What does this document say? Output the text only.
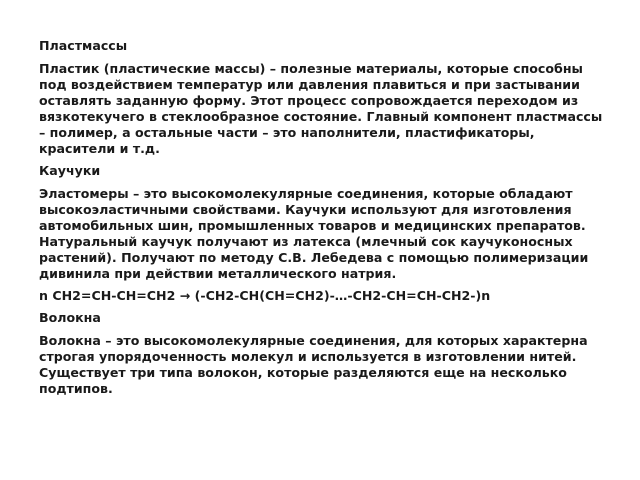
Пластмассы

Пластик (пластические массы) – полезные материалы, которые способны под воздействием температур или давления плавиться и при застывании оставлять заданную форму. Этот процесс сопровождается переходом из вязкотекучего в стеклообразное состояние. Главный компонент пластмассы – полимер, а остальные части – это наполнители, пластификаторы, красители и т.д.

Каучуки

Эластомеры – это высокомолекулярные соединения, которые обладают высокоэластичными свойствами. Каучуки используют для изготовления автомобильных шин, промышленных товаров и медицинских препаратов. Натуральный каучук получают из латекса (млечный сок каучуконосных растений). Получают по методу С.В. Лебедева с помощью полимеризации дивинила при действии металлического натрия.

n CH2=CH-CH=CH2 → (-CH2-CH(CH=CH2)-…-CH2-CH=CH-CH2-)n

Волокна

Волокна – это высокомолекулярные соединения, для которых характерна строгая упорядоченность молекул и используется в изготовлении нитей. Существует три типа волокон, которые разделяются еще на несколько подтипов.
